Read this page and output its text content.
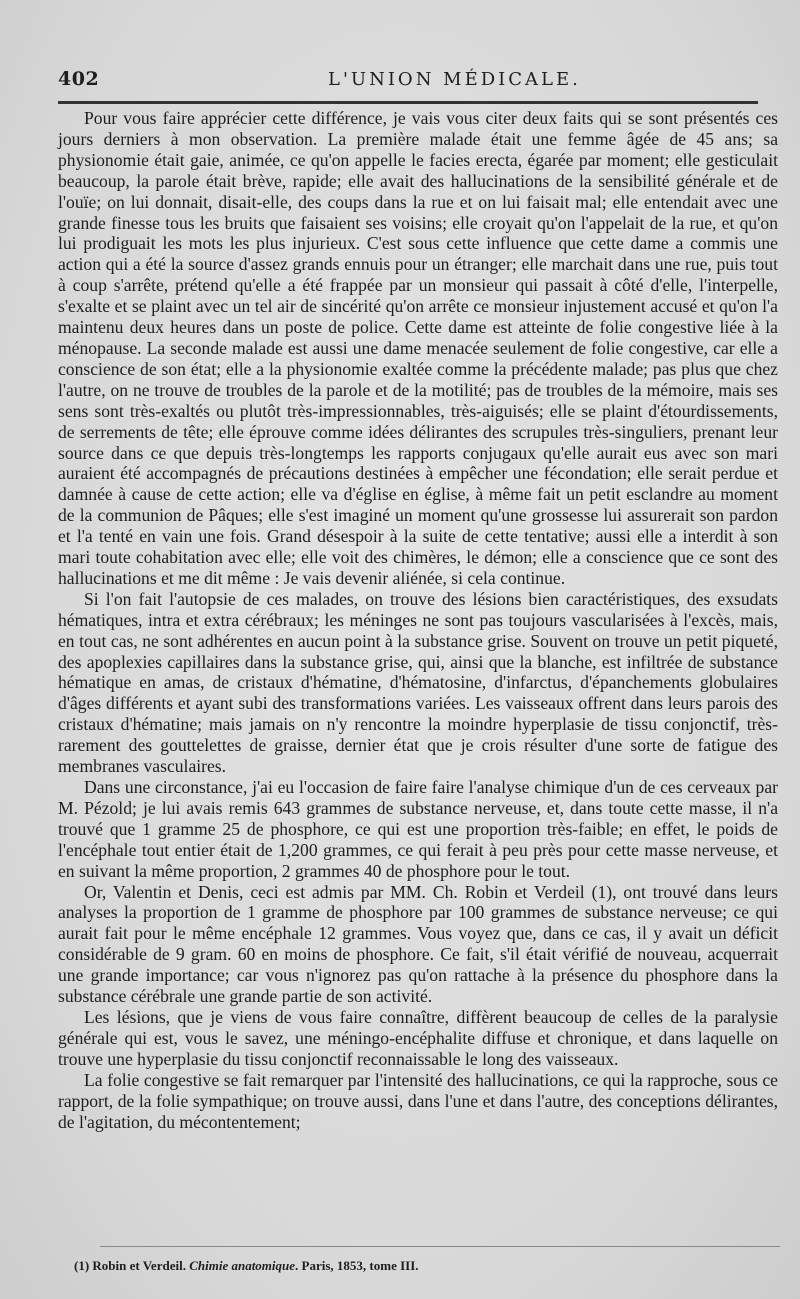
402	L'UNION MÉDICALE.

Pour vous faire apprécier cette différence, je vais vous citer deux faits qui se sont présentés ces jours derniers à mon observation. La première malade était une femme âgée de 45 ans; sa physionomie était gaie, animée, ce qu'on appelle le facies erecta, égarée par moment; elle gesticulait beaucoup, la parole était brève, rapide; elle avait des hallucinations de la sensibilité générale et de l'ouïe; on lui donnait, disait-elle, des coups dans la rue et on lui faisait mal; elle entendait avec une grande finesse tous les bruits que faisaient ses voisins; elle croyait qu'on l'appelait de la rue, et qu'on lui prodiguait les mots les plus injurieux. C'est sous cette influence que cette dame a commis une action qui a été la source d'assez grands ennuis pour un étranger; elle marchait dans une rue, puis tout à coup s'arrête, prétend qu'elle a été frappée par un monsieur qui passait à côté d'elle, l'interpelle, s'exalte et se plaint avec un tel air de sincérité qu'on arrête ce monsieur injustement accusé et qu'on l'a maintenu deux heures dans un poste de police. Cette dame est atteinte de folie congestive liée à la ménopause. La seconde malade est aussi une dame menacée seulement de folie congestive, car elle a conscience de son état; elle a la physionomie exaltée comme la précédente malade; pas plus que chez l'autre, on ne trouve de troubles de la parole et de la motilité; pas de troubles de la mémoire, mais ses sens sont très-exaltés ou plutôt très-impressionnables, très-aiguisés; elle se plaint d'étourdissements, de serrements de tête; elle éprouve comme idées délirantes des scrupules très-singuliers, prenant leur source dans ce que depuis très-longtemps les rapports conjugaux qu'elle aurait eus avec son mari auraient été accompagnés de précautions destinées à empêcher une fécondation; elle serait perdue et damnée à cause de cette action; elle va d'église en église, à même fait un petit esclandre au moment de la communion de Pâques; elle s'est imaginé un moment qu'une grossesse lui assurerait son pardon et l'a tenté en vain une fois. Grand désespoir à la suite de cette tentative; aussi elle a interdit à son mari toute cohabitation avec elle; elle voit des chimères, le démon; elle a conscience que ce sont des hallucinations et me dit même : Je vais devenir aliénée, si cela continue.

Si l'on fait l'autopsie de ces malades, on trouve des lésions bien caractéristiques, des exsudats hématiques, intra et extra cérébraux; les méninges ne sont pas toujours vascularisées à l'excès, mais, en tout cas, ne sont adhérentes en aucun point à la substance grise. Souvent on trouve un petit piqueté, des apoplexies capillaires dans la substance grise, qui, ainsi que la blanche, est infiltrée de substance hématique en amas, de cristaux d'hématine, d'hématosine, d'infarctus, d'épanchements globulaires d'âges différents et ayant subi des transformations variées. Les vaisseaux offrent dans leurs parois des cristaux d'hématine; mais jamais on n'y rencontre la moindre hyperplasie de tissu conjonctif, très-rarement des gouttelettes de graisse, dernier état que je crois résulter d'une sorte de fatigue des membranes vasculaires.

Dans une circonstance, j'ai eu l'occasion de faire faire l'analyse chimique d'un de ces cerveaux par M. Pézold; je lui avais remis 643 grammes de substance nerveuse, et, dans toute cette masse, il n'a trouvé que 1 gramme 25 de phosphore, ce qui est une proportion très-faible; en effet, le poids de l'encéphale tout entier était de 1,200 grammes, ce qui ferait à peu près pour cette masse nerveuse, et en suivant la même proportion, 2 grammes 40 de phosphore pour le tout.

Or, Valentin et Denis, ceci est admis par MM. Ch. Robin et Verdeil (1), ont trouvé dans leurs analyses la proportion de 1 gramme de phosphore par 100 grammes de substance nerveuse; ce qui aurait fait pour le même encéphale 12 grammes. Vous voyez que, dans ce cas, il y avait un déficit considérable de 9 gram. 60 en moins de phosphore. Ce fait, s'il était vérifié de nouveau, acquerrait une grande importance; car vous n'ignorez pas qu'on rattache à la présence du phosphore dans la substance cérébrale une grande partie de son activité.

Les lésions, que je viens de vous faire connaître, diffèrent beaucoup de celles de la paralysie générale qui est, vous le savez, une méningo-encéphalite diffuse et chronique, et dans laquelle on trouve une hyperplasie du tissu conjonctif reconnaissable le long des vaisseaux.

La folie congestive se fait remarquer par l'intensité des hallucinations, ce qui la rapproche, sous ce rapport, de la folie sympathique; on trouve aussi, dans l'une et dans l'autre, des conceptions délirantes, de l'agitation, du mécontentement;

(1) Robin et Verdeil. Chimie anatomique. Paris, 1853, tome III.
